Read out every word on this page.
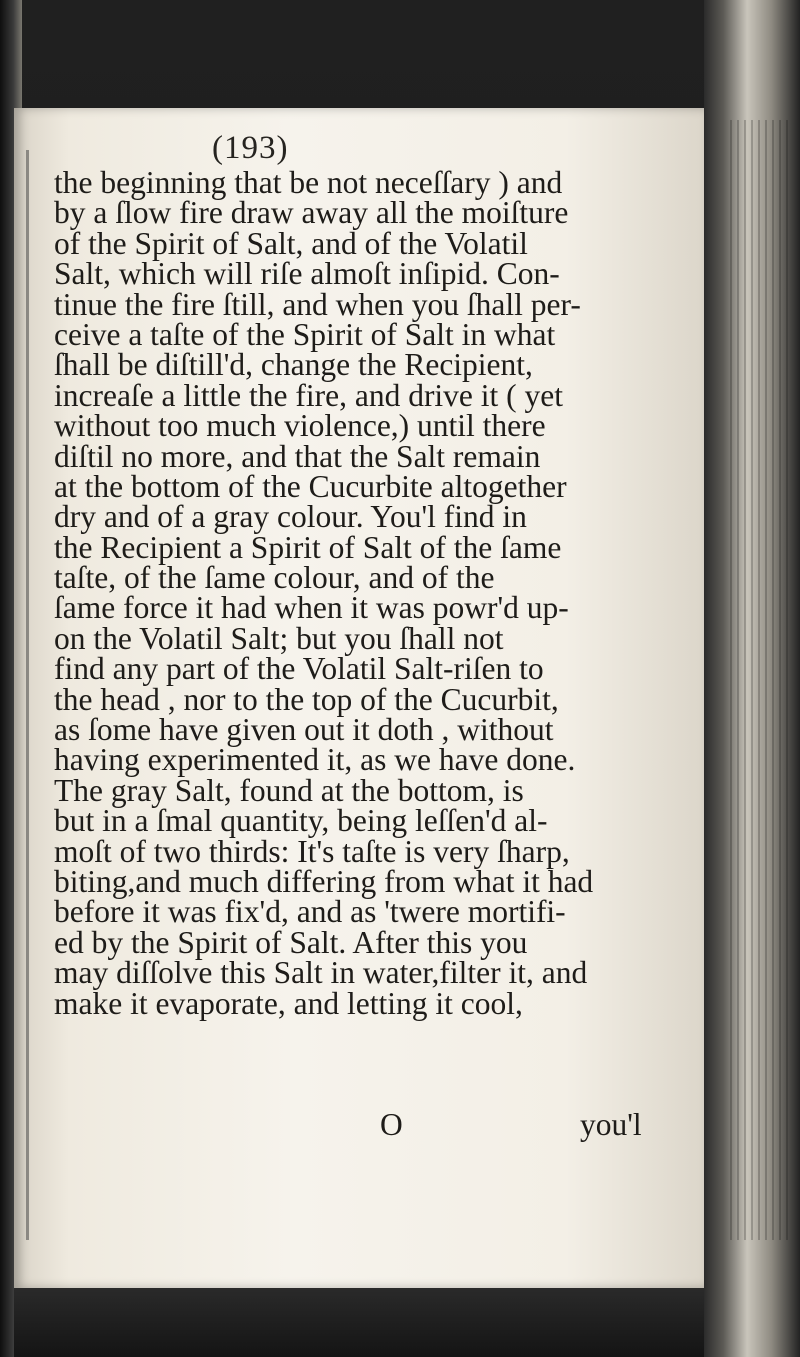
(193)
the beginning that be not neceſſary ) and
by a ſlow fire draw away all the moiſture
of the Spirit of Salt, and of the Volatil
Salt, which will riſe almoſt inſipid. Con-
tinue the fire ſtill, and when you ſhall per-
ceive a taſte of the Spirit of Salt in what
ſhall be diſtill'd, change the Recipient,
increaſe a little the fire, and drive it ( yet
without too much violence,) until there
diſtil no more, and that the Salt remain
at the bottom of the Cucurbite altogether
dry and of a gray colour. You'l find in
the Recipient a Spirit of Salt of the ſame
taſte, of the ſame colour, and of the
ſame force it had when it was powr'd up-
on the Volatil Salt; but you ſhall not
find any part of the Volatil Salt-riſen to
the head , nor to the top of the Cucurbit,
as ſome have given out it doth , without
having experimented it, as we have done.
The gray Salt, found at the bottom, is
but in a ſmal quantity, being leſſen'd al-
moſt of two thirds: It's taſte is very ſharp,
biting,and much differing from what it had
before it was fix'd, and as 'twere mortifi-
ed by the Spirit of Salt. After this you
may diſſolve this Salt in water,filter it, and
make it evaporate, and letting it cool,
O	you'l
